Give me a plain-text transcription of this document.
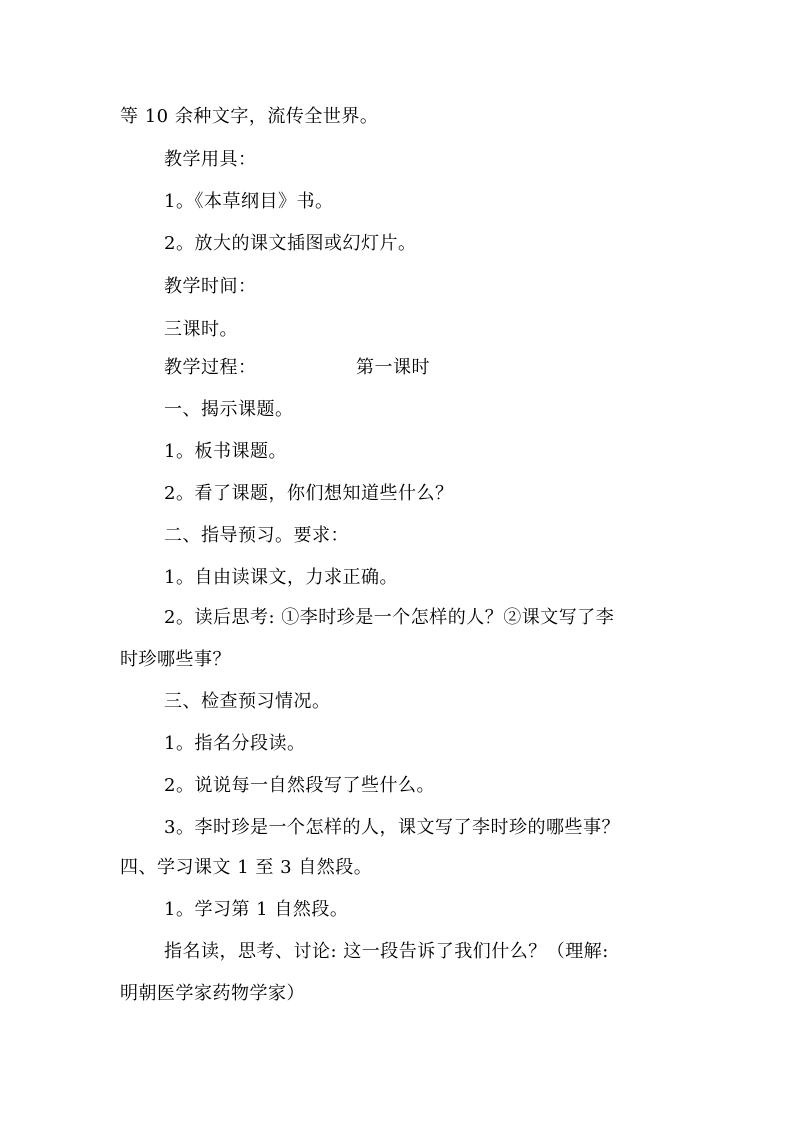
等 10 余种文字，流传全世界。
教学用具：
1。《本草纲目》书。
2。放大的课文插图或幻灯片。
教学时间：
三课时。
教学过程：	第一课时
一、揭示课题。
1。板书课题。
2。看了课题，你们想知道些什么？
二、指导预习。要求：
1。自由读课文，力求正确。
2。读后思考: ①李时珍是一个怎样的人？②课文写了李
时珍哪些事？
三、检查预习情况。
1。指名分段读。
2。说说每一自然段写了些什么。
3。李时珍是一个怎样的人，课文写了李时珍的哪些事？
四、学习课文 1 至 3 自然段。
1。学习第 1 自然段。
指名读，思考、讨论: 这一段告诉了我们什么？（理解:
明朝医学家药物学家）
